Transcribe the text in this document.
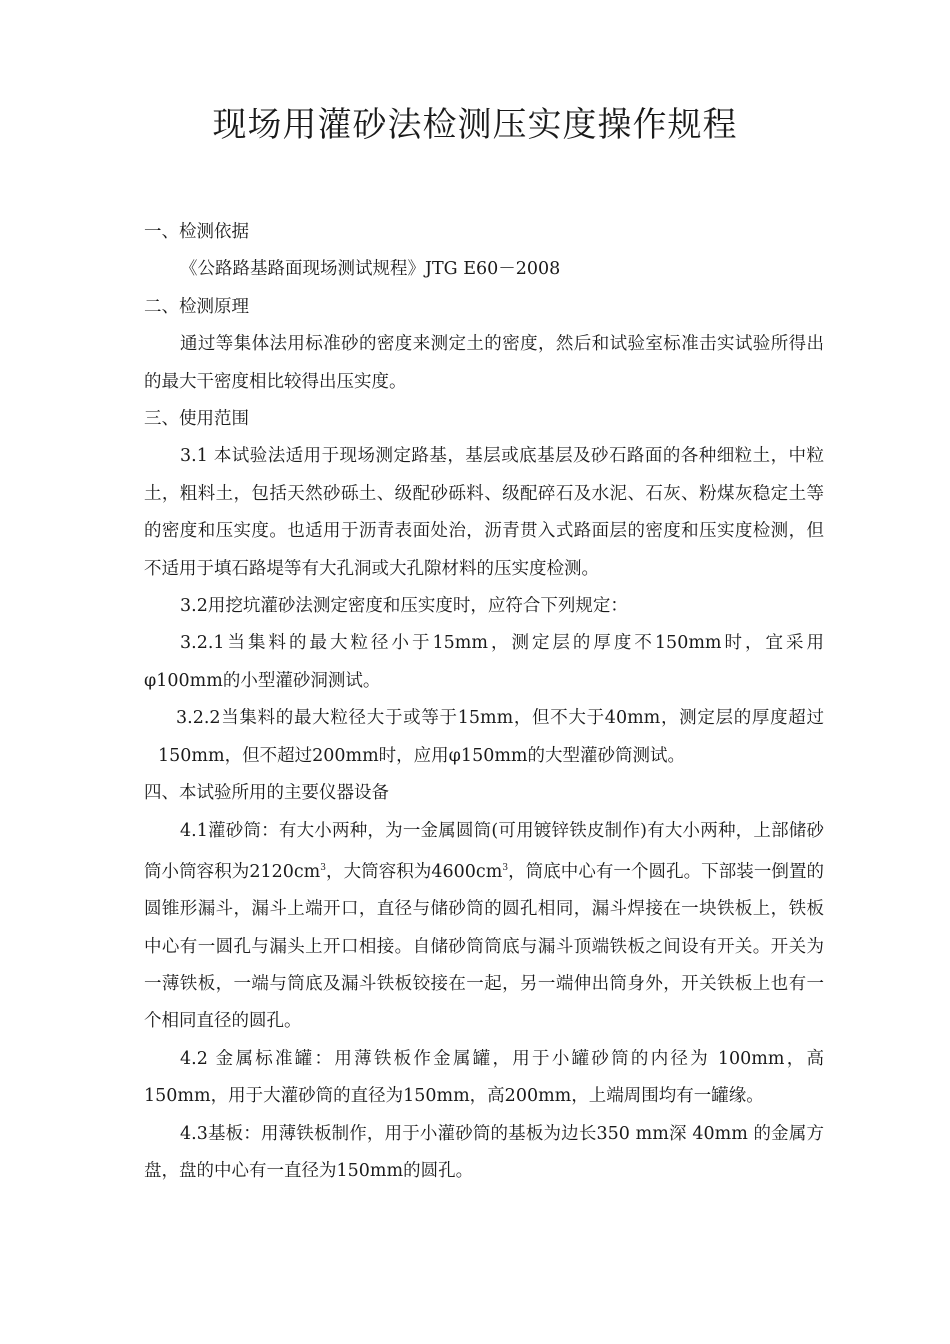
现场用灌砂法检测压实度操作规程

一、检测依据

《公路路基路面现场测试规程》JTG E60－2008

二、检测原理

通过等集体法用标准砂的密度来测定土的密度，然后和试验室标准击实试验所得出的最大干密度相比较得出压实度。

三、使用范围

3.1 本试验法适用于现场测定路基，基层或底基层及砂石路面的各种细粒土，中粒土，粗料土，包括天然砂砾土、级配砂砾料、级配碎石及水泥、石灰、粉煤灰稳定土等的密度和压实度。也适用于沥青表面处治，沥青贯入式路面层的密度和压实度检测，但不适用于填石路堤等有大孔洞或大孔隙材料的压实度检测。

3.2用挖坑灌砂法测定密度和压实度时，应符合下列规定：

3.2.1当集料的最大粒径小于15mm，测定层的厚度不150mm时，宜采用φ100mm的小型灌砂洞测试。

3.2.2当集料的最大粒径大于或等于15mm，但不大于40mm，测定层的厚度超过150mm，但不超过200mm时，应用φ150mm的大型灌砂筒测试。

四、本试验所用的主要仪器设备

4.1灌砂筒：有大小两种，为一金属圆筒(可用镀锌铁皮制作)有大小两种，上部储砂筒小筒容积为$2120cm^3$，大筒容积为$4600cm^3$，筒底中心有一个圆孔。下部装一倒置的圆锥形漏斗，漏斗上端开口，直径与储砂筒的圆孔相同，漏斗焊接在一块铁板上，铁板中心有一圆孔与漏头上开口相接。自储砂筒筒底与漏斗顶端铁板之间设有开关。开关为一薄铁板，一端与筒底及漏斗铁板铰接在一起，另一端伸出筒身外，开关铁板上也有一个相同直径的圆孔。

4.2 金属标准罐：用薄铁板作金属罐，用于小罐砂筒的内径为 100mm，高150mm，用于大灌砂筒的直径为150mm，高200mm，上端周围均有一罐缘。

4.3基板：用薄铁板制作，用于小灌砂筒的基板为边长350 mm深 40mm 的金属方盘，盘的中心有一直径为150mm的圆孔。
